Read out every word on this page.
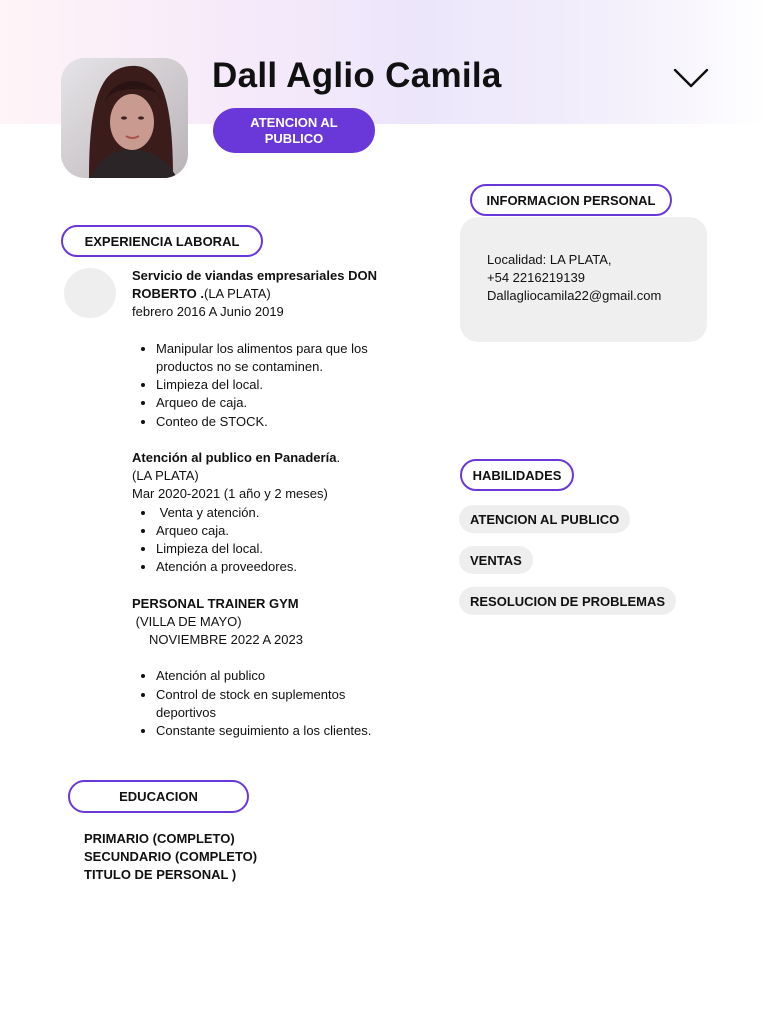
Dall Aglio Camila
ATENCION AL PUBLICO
INFORMACION PERSONAL
Localidad: LA PLATA,
+54 2216219139
Dallagliocamila22@gmail.com
EXPERIENCIA LABORAL

Servicio de viandas empresariales DON ROBERTO .(LA PLATA)

febrero 2016 A Junio 2019

• Manipular los alimentos para que los productos no se contaminen.
• Limpieza del local.
• Arqueo de caja.
• Conteo de STOCK.

Atención al publico en Panadería.

(LA PLATA)

Mar 2020-2021 (1 año y 2 meses)

•  Venta y atención.
• Arqueo caja.
• Limpieza del local.
• Atención a proveedores.

PERSONAL TRAINER GYM

(VILLA DE MAYO)

NOVIEMBRE 2022 A 2023

• Atención al publico
• Control de stock en suplementos deportivos
• Constante seguimiento a los clientes.
HABILIDADES
ATENCION AL PUBLICO
VENTAS
RESOLUCION DE PROBLEMAS
EDUCACION
PRIMARIO (COMPLETO)
SECUNDARIO (COMPLETO)
TITULO DE PERSONAL )
